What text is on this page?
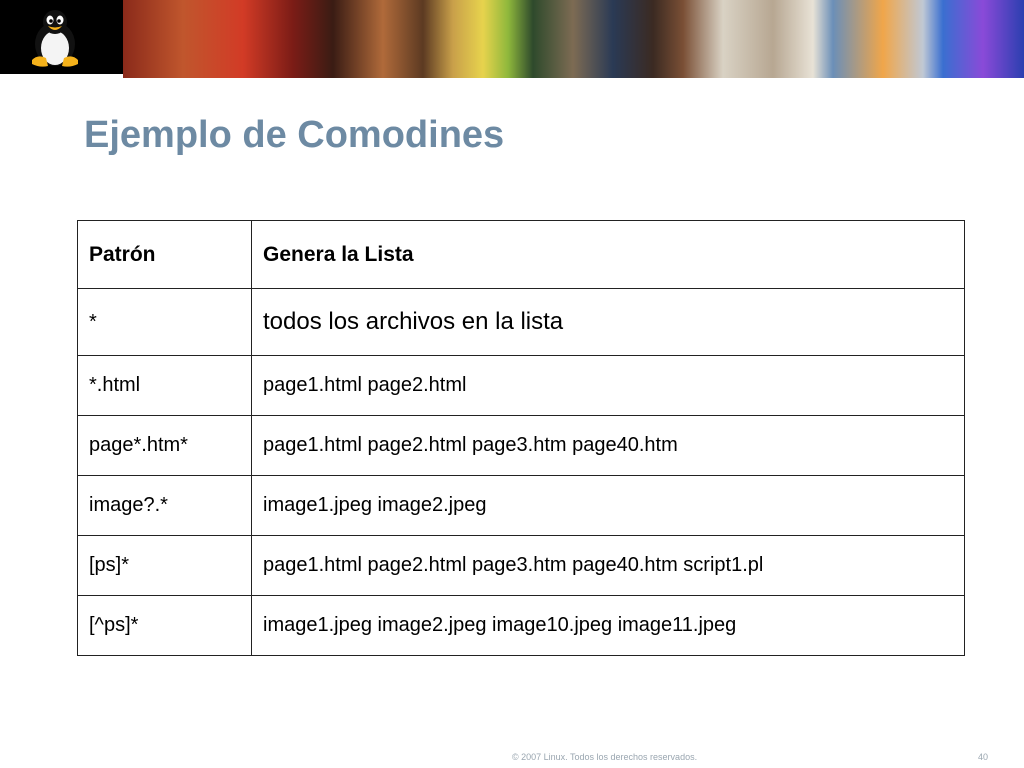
Ejemplo de Comodines
Patrón	Genera la Lista
*	todos los archivos en la lista
*.html	page1.html page2.html
page*.htm*	page1.html page2.html page3.htm page40.htm
image?.*	image1.jpeg image2.jpeg
[ps]*	page1.html page2.html page3.htm page40.htm script1.pl
[^ps]*	image1.jpeg image2.jpeg image10.jpeg image11.jpeg
© 2007 Linux. Todos los derechos reservados.	40
